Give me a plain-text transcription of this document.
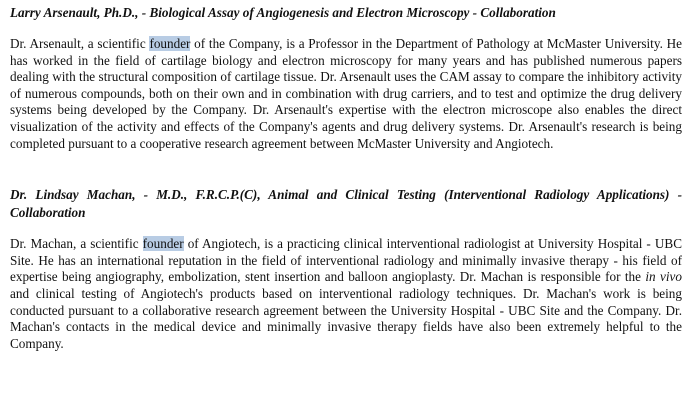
Larry Arsenault, Ph.D., - Biological Assay of Angiogenesis and Electron Microscopy - Collaboration

Dr. Arsenault, a scientific founder of the Company, is a Professor in the Department of Pathology at McMaster University. He has worked in the field of cartilage biology and electron microscopy for many years and has published numerous papers dealing with the structural composition of cartilage tissue. Dr. Arsenault uses the CAM assay to compare the inhibitory activity of numerous compounds, both on their own and in combination with drug carriers, and to test and optimize the drug delivery systems being developed by the Company. Dr. Arsenault's expertise with the electron microscope also enables the direct visualization of the activity and effects of the Company's agents and drug delivery systems. Dr. Arsenault's research is being completed pursuant to a cooperative research agreement between McMaster University and Angiotech.

Dr. Lindsay Machan, - M.D., F.R.C.P.(C), Animal and Clinical Testing (Interventional Radiology Applications) - Collaboration

Dr. Machan, a scientific founder of Angiotech, is a practicing clinical interventional radiologist at University Hospital - UBC Site. He has an international reputation in the field of interventional radiology and minimally invasive therapy - his field of expertise being angiography, embolization, stent insertion and balloon angioplasty. Dr. Machan is responsible for the in vivo and clinical testing of Angiotech's products based on interventional radiology techniques. Dr. Machan's work is being conducted pursuant to a collaborative research agreement between the University Hospital - UBC Site and the Company. Dr. Machan's contacts in the medical device and minimally invasive therapy fields have also been extremely helpful to the Company.
